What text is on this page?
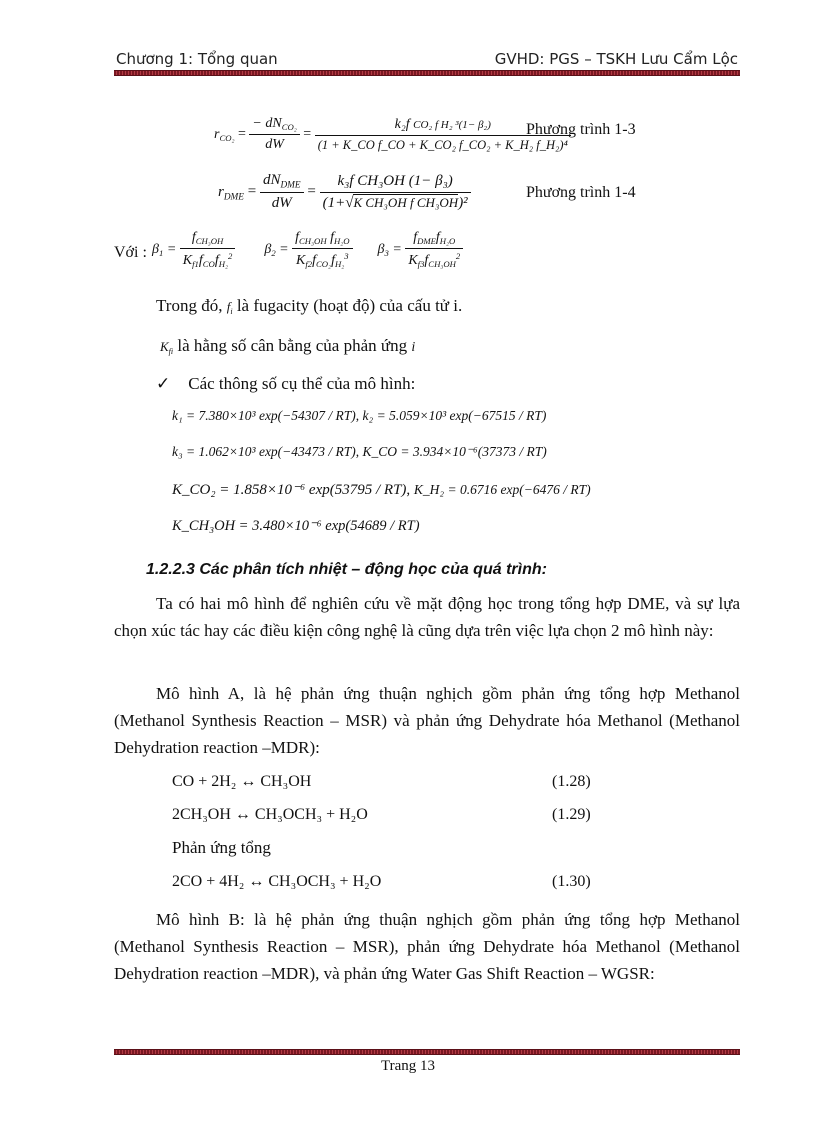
Chương 1: Tổng quan	GVHD: PGS – TSKH Lưu Cẩm Lộc
$r_{CO_2} = \frac{- dN_{CO_2}}{dW} = \frac{\text{k₂f CO₂ f H₂ ³(1− β₂)}}{\text{(1 + K\_CO f\_CO + K\_CO₂ f\_CO₂ + K\_H₂ f\_H₂)⁴}}$
Phương trình 1-3
$r_{DME} = \frac{dN_{DME}}{dW} = \frac{\text{k₃f CH₃OH (1− β₃)}}{\text{(1+√K CH₃OH f CH₃OH)²}}$	Phương trình 1-4
Với : $\beta_1 = \frac{f_{CH_3OH}}{K_{f1}f_{CO}f_{H_2}^2} \beta_2 = \frac{f_{CH_3OH} f_{H_2O}}{K_{f2}f_{CO_2}f_{H_2}^3} \beta_3 = \frac{f_{DME}f_{H_2O}}{K_{f3}f_{CH_3OH}^2}$
Trong đó, $f_i$ là fugacity (hoạt độ) của cấu tử i.
$K_{fi}$ là hằng số cân bằng của phản ứng i
✓ Các thông số cụ thể của mô hình:
k₁ = 7.380×10³ exp(−54307 / RT), k₂ = 5.059×10³ exp(−67515 / RT)
k₃ = 1.062×10³ exp(−43473 / RT), K_CO = 3.934×10⁻⁶(37373 / RT)
K_CO₂ = 1.858×10⁻⁶ exp(53795 / RT), K_H₂ = 0.6716 exp(−6476 / RT)
K_CH₃OH = 3.480×10⁻⁶ exp(54689 / RT)
1.2.2.3 Các phân tích nhiệt – động học của quá trình:
Ta có hai mô hình để nghiên cứu về mặt động học trong tổng hợp DME, và sự lựa chọn xúc tác hay các điều kiện công nghệ là cũng dựa trên việc lựa chọn 2 mô hình này:
Mô hình A, là hệ phản ứng thuận nghịch gồm phản ứng tổng hợp Methanol (Methanol Synthesis Reaction – MSR) và phản ứng Dehydrate hóa Methanol (Methanol Dehydration reaction –MDR):
CO + 2H₂ ↔ CH₃OH	(1.28)
2CH₃OH ↔ CH₃OCH₃ + H₂O	(1.29)
Phản ứng tổng
2CO + 4H₂ ↔ CH₃OCH₃ + H₂O	(1.30)
Mô hình B: là hệ phản ứng thuận nghịch gồm phản ứng tổng hợp Methanol (Methanol Synthesis Reaction – MSR), phản ứng Dehydrate hóa Methanol (Methanol Dehydration reaction –MDR), và phản ứng Water Gas Shift Reaction – WGSR:
Trang 13
